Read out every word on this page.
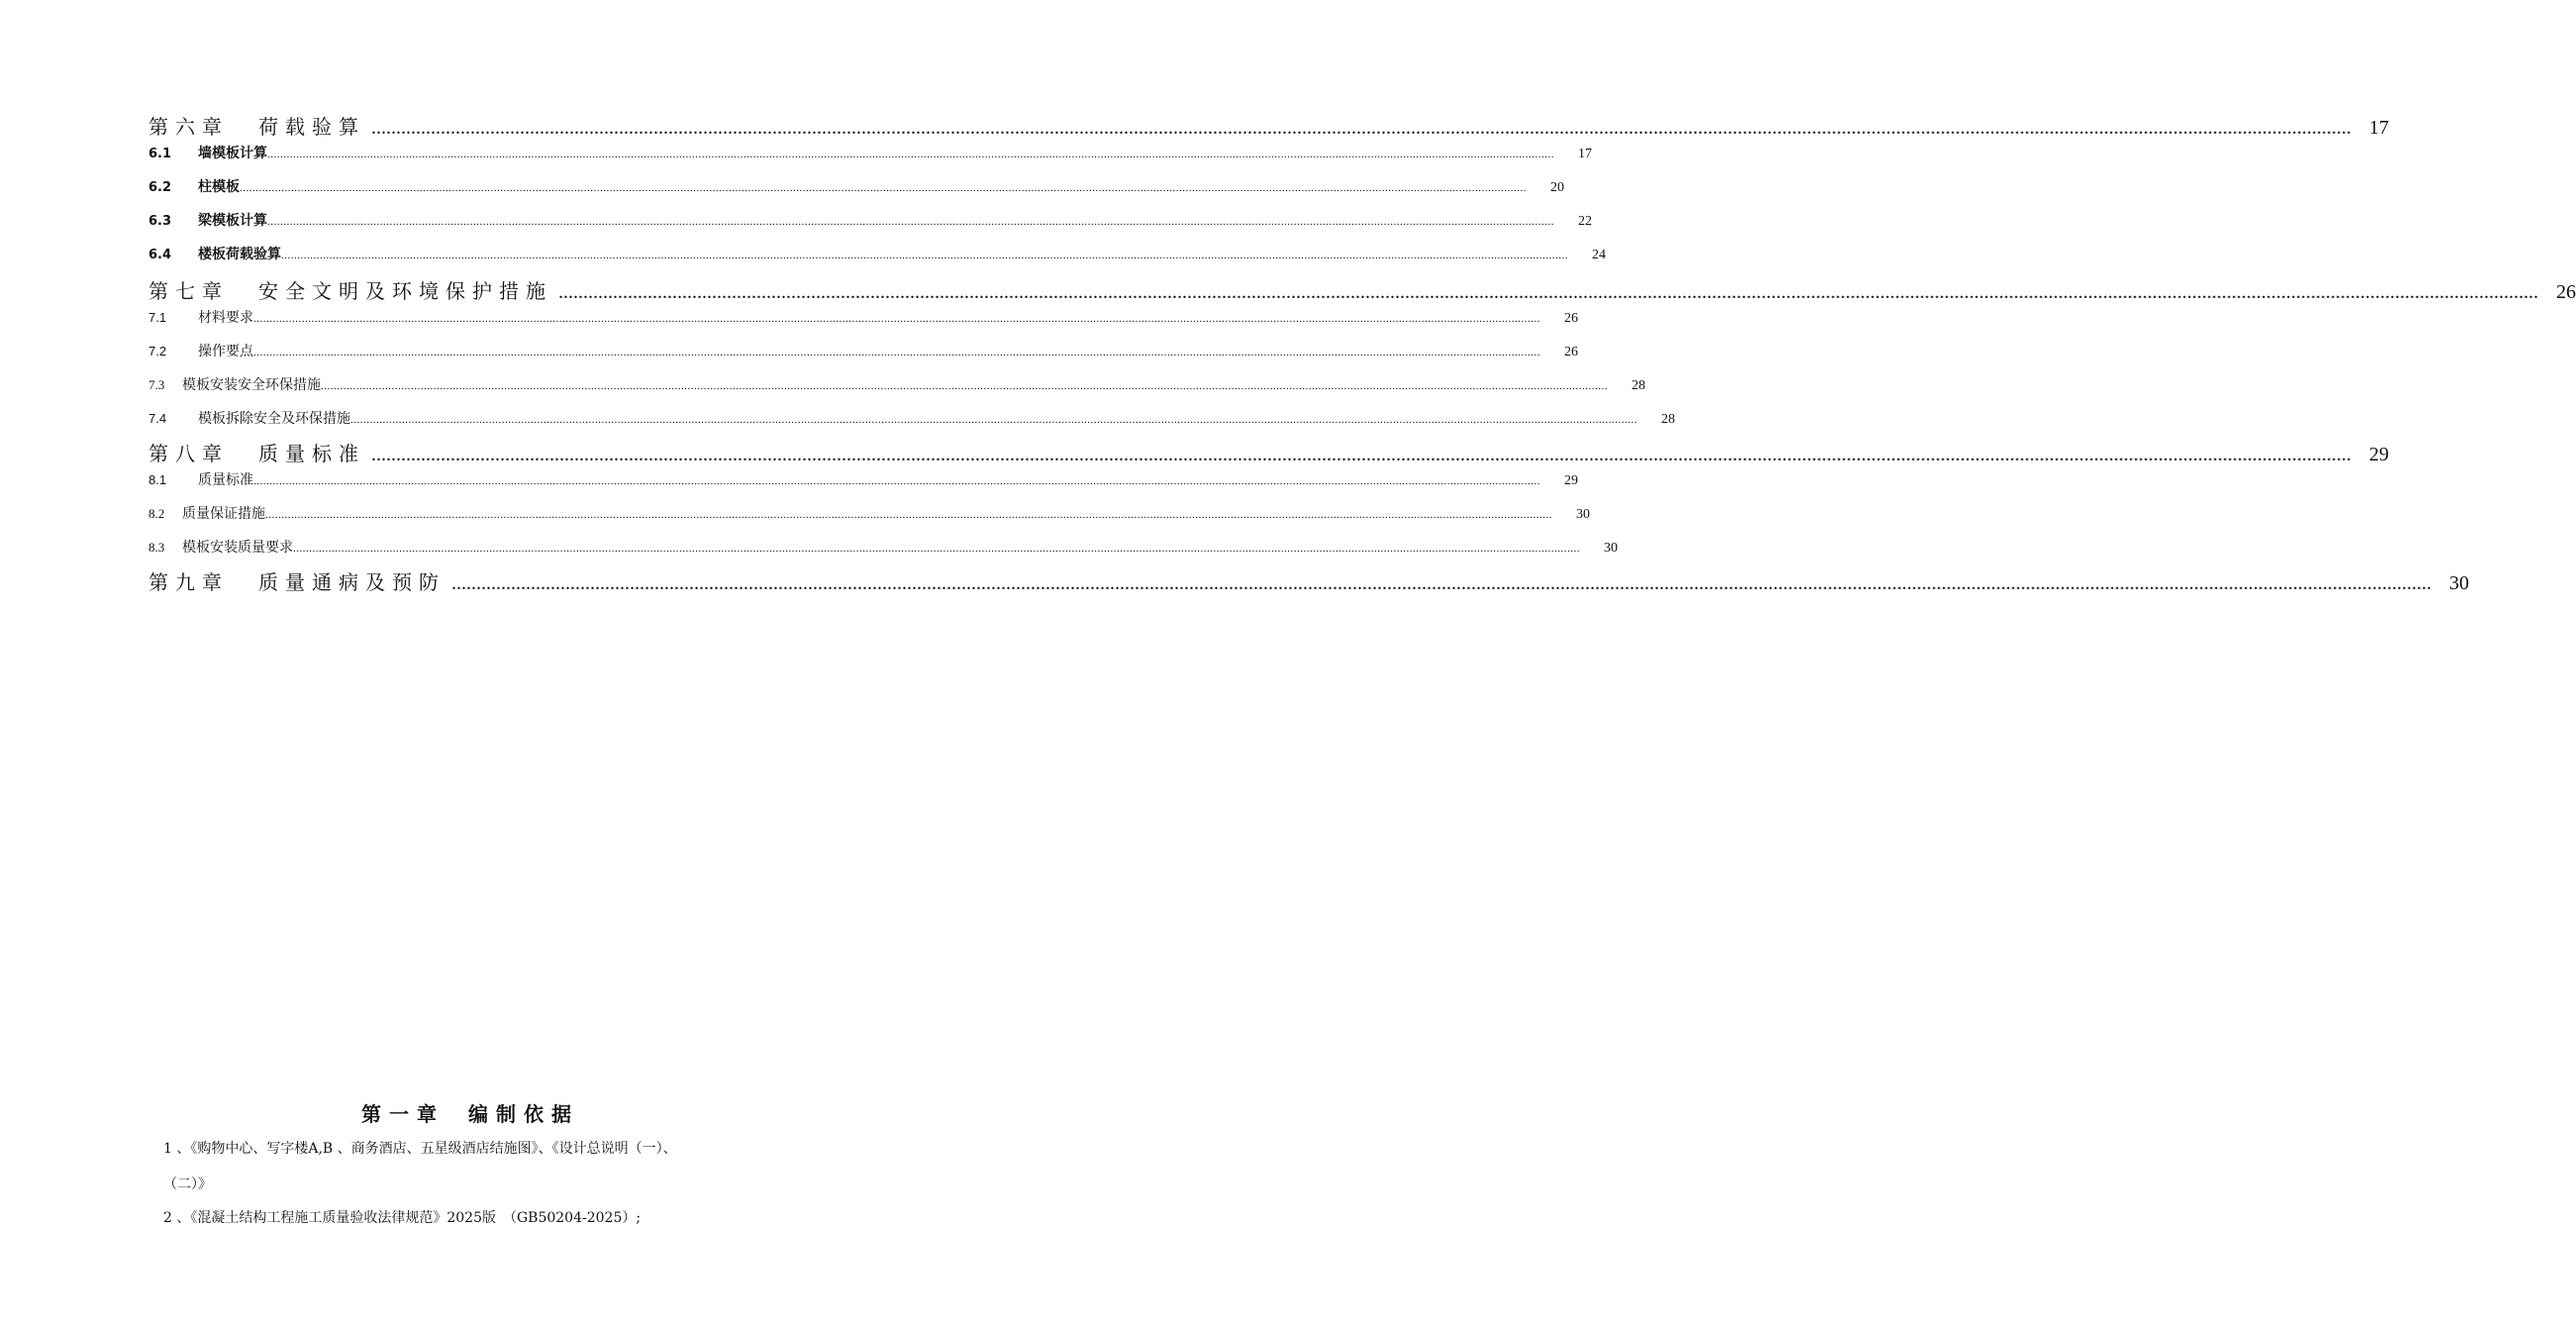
第六章 荷载验算 ................................................................................................................................................................................................................................................................................................................................................................................................................ 17
6.1	墙模板计算 ................................................................................................................................................................................................................................................................................................................................................................................................................	17
6.2	柱模板 ................................................................................................................................................................................................................................................................................................................................................................................................................	20
6.3	梁模板计算 ................................................................................................................................................................................................................................................................................................................................................................................................................	22
6.4	楼板荷载验算 ................................................................................................................................................................................................................................................................................................................................................................................................................	24
第七章 安全文明及环境保护措施 ................................................................................................................................................................................................................................................................................................................................................................................................................ 26
7.1	材料要求 ................................................................................................................................................................................................................................................................................................................................................................................................................	26
7.2	操作要点 ................................................................................................................................................................................................................................................................................................................................................................................................................	26
7.3	模板安装安全环保措施 ................................................................................................................................................................................................................................................................................................................................................................................................................	28
7.4	模板拆除安全及环保措施 ................................................................................................................................................................................................................................................................................................................................................................................................................	28
第八章 质量标准 ................................................................................................................................................................................................................................................................................................................................................................................................................ 29
8.1	质量标准 ................................................................................................................................................................................................................................................................................................................................................................................................................	29
8.2	质量保证措施 ................................................................................................................................................................................................................................................................................................................................................................................................................	30
8.3	模板安装质量要求 ................................................................................................................................................................................................................................................................................................................................................................................................................	30
第九章 质量通病及预防 ................................................................................................................................................................................................................................................................................................................................................................................................................ 30
第一章 编制依据
1 、《购物中心、写字楼A,B 、商务酒店、五星级酒店结施图》、《设计总说明（一）、
（二）》
2 、《混凝土结构工程施工质量验收法律规范》2025版　（GB50204-2025）;
